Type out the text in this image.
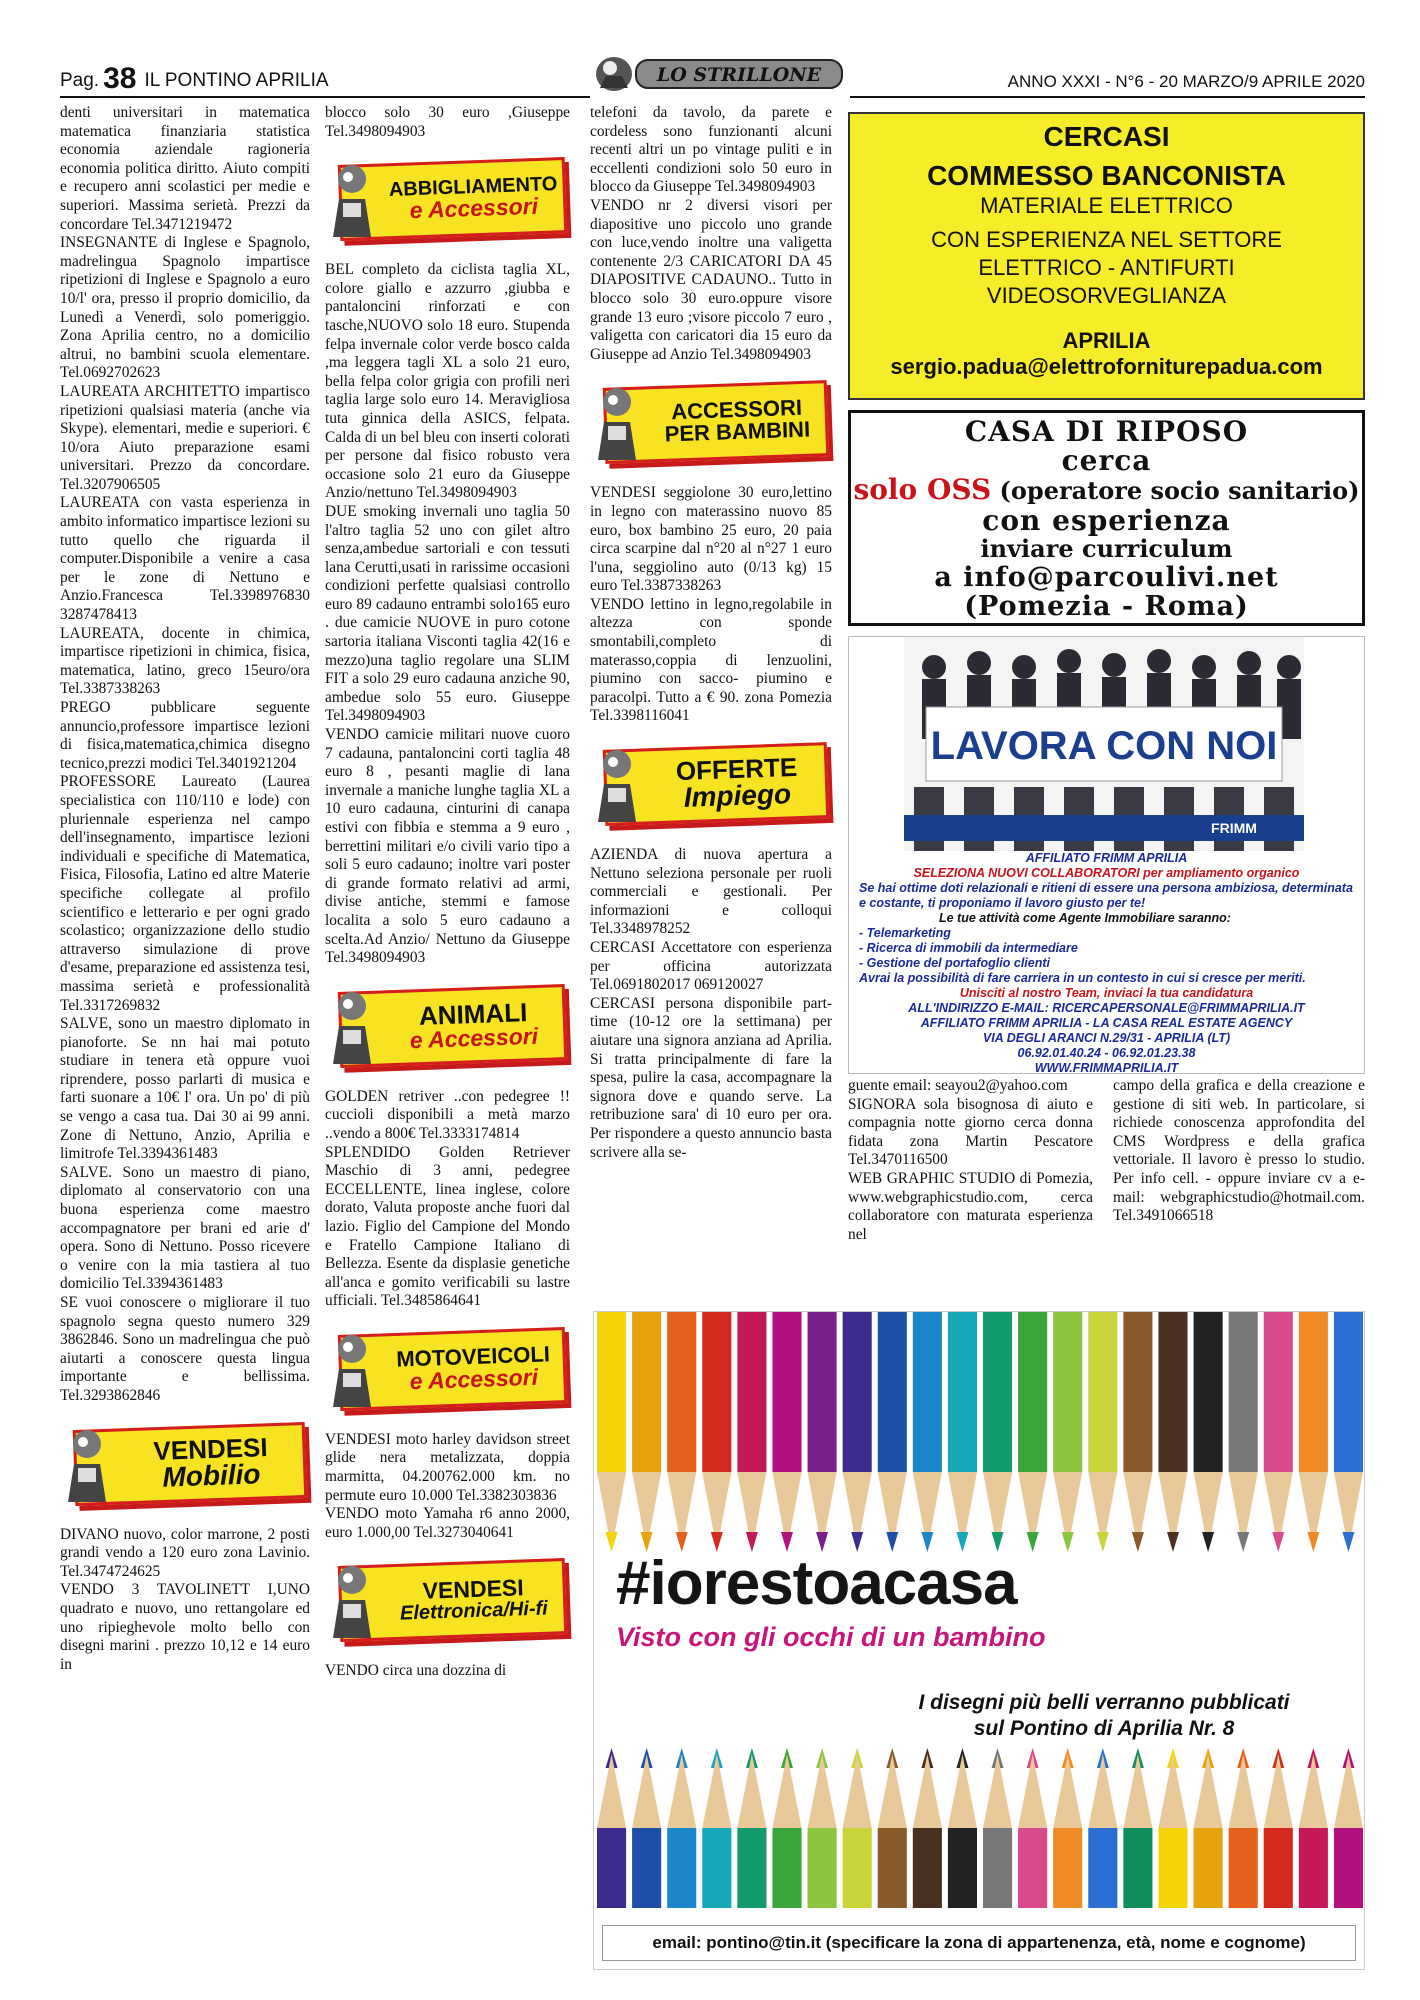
Pag. 38 IL PONTINO APRILIA	LO STRILLONE	ANNO XXXI - N°6 - 20 MARZO/9 APRILE 2020

denti universitari in matematica matematica finanziaria statistica economia aziendale ragioneria economia politica diritto. Aiuto compiti e recupero anni scolastici per medie e superiori. Massima serietà. Prezzi da concordare Tel.3471219472

INSEGNANTE di Inglese e Spagnolo, madrelingua Spagnolo impartisce ripetizioni di Inglese e Spagnolo a euro 10/l' ora, presso il proprio domicilio, da Lunedì a Venerdì, solo pomeriggio. Zona Aprilia centro, no a domicilio altrui, no bambini scuola elementare. Tel.0692702623

LAUREATA ARCHITETTO impartisco ripetizioni qualsiasi materia (anche via Skype). elementari, medie e superiori. € 10/ora Aiuto preparazione esami universitari. Prezzo da concordare. Tel.3207906505

LAUREATA con vasta esperienza in ambito informatico impartisce lezioni su tutto quello che riguarda il computer.Disponibile a venire a casa per le zone di Nettuno e Anzio.Francesca Tel.3398976830 3287478413

LAUREATA, docente in chimica, impartisce ripetizioni in chimica, fisica, matematica, latino, greco 15euro/ora Tel.3387338263

PREGO pubblicare seguente annuncio,professore impartisce lezioni di fisica,matematica,chimica disegno tecnico,prezzi modici Tel.3401921204

PROFESSORE Laureato (Laurea specialistica con 110/110 e lode) con pluriennale esperienza nel campo dell'insegnamento, impartisce lezioni individuali e specifiche di Matematica, Fisica, Filosofia, Latino ed altre Materie specifiche collegate al profilo scientifico e letterario e per ogni grado scolastico; organizzazione dello studio attraverso simulazione di prove d'esame, preparazione ed assistenza tesi, massima serietà e professionalità Tel.3317269832

SALVE, sono un maestro diplomato in pianoforte. Se nn hai mai potuto studiare in tenera età oppure vuoi riprendere, posso parlarti di musica e farti suonare a 10€ l' ora. Un po' di più se vengo a casa tua. Dai 30 ai 99 anni. Zone di Nettuno, Anzio, Aprilia e limitrofe Tel.3394361483

SALVE. Sono un maestro di piano, diplomato al conservatorio con una buona esperienza come maestro accompagnatore per brani ed arie d' opera. Sono di Nettuno. Posso ricevere o venire con la mia tastiera al tuo domicilio Tel.3394361483

SE vuoi conoscere o migliorare il tuo spagnolo segna questo numero 329 3862846. Sono un madrelingua che può aiutarti a conoscere questa lingua importante e bellissima. Tel.3293862846

VENDESI
Mobilio

DIVANO nuovo, color marrone, 2 posti grandi vendo a 120 euro zona Lavinio. Tel.3474724625

VENDO 3 TAVOLINETT I,UNO quadrato e nuovo, uno rettangolare ed uno ripieghevole molto bello con disegni marini . prezzo 10,12 e 14 euro in

blocco solo 30 euro ,Giuseppe Tel.3498094903

ABBIGLIAMENTO
e Accessori

BEL completo da ciclista taglia XL, colore giallo e azzurro ,giubba e pantaloncini rinforzati e con tasche,NUOVO solo 18 euro. Stupenda felpa invernale color verde bosco calda ,ma leggera tagli XL a solo 21 euro, bella felpa color grigia con profili neri taglia large solo euro 14. Meravigliosa tuta ginnica della ASICS, felpata. Calda di un bel bleu con inserti colorati per persone dal fisico robusto vera occasione solo 21 euro da Giuseppe Anzio/nettuno Tel.3498094903

DUE smoking invernali uno taglia 50 l'altro taglia 52 uno con gilet altro senza,ambedue sartoriali e con tessuti lana Cerutti,usati in rarissime occasioni condizioni perfette qualsiasi controllo euro 89 cadauno entrambi solo165 euro . due camicie NUOVE in puro cotone sartoria italiana Visconti taglia 42(16 e mezzo)una taglio regolare una SLIM FIT a solo 29 euro cadauna anziche 90, ambedue solo 55 euro. Giuseppe Tel.3498094903

VENDO camicie militari nuove cuoro 7 cadauna, pantaloncini corti taglia 48 euro 8 , pesanti maglie di lana invernale a maniche lunghe taglia XL a 10 euro cadauna, cinturini di canapa estivi con fibbia e stemma a 9 euro , berrettini militari e/o civili vario tipo a soli 5 euro cadauno; inoltre vari poster di grande formato relativi ad armi, divise antiche, stemmi e famose localita a solo 5 euro cadauno a scelta.Ad Anzio/ Nettuno da Giuseppe Tel.3498094903

ANIMALI
e Accessori

GOLDEN retriver ..con pedegree !! cuccioli disponibili a metà marzo ..vendo a 800€ Tel.3333174814

SPLENDIDO Golden Retriever Maschio di 3 anni, pedegree ECCELLENTE, linea inglese, colore dorato, Valuta proposte anche fuori dal lazio. Figlio del Campione del Mondo e Fratello Campione Italiano di Bellezza. Esente da displasie genetiche all'anca e gomito verificabili su lastre ufficiali. Tel.3485864641

MOTOVEICOLI
e Accessori

VENDESI moto harley davidson street glide nera metalizzata, doppia marmitta, 04.200762.000 km. no permute euro 10.000 Tel.3382303836

VENDO moto Yamaha r6 anno 2000, euro 1.000,00 Tel.3273040641

VENDESI
Elettronica/Hi-fi

VENDO circa una dozzina di

telefoni da tavolo, da parete e cordeless sono funzionanti alcuni recenti altri un po vintage puliti e in eccellenti condizioni solo 50 euro in blocco da Giuseppe Tel.3498094903

VENDO nr 2 diversi visori per diapositive uno piccolo uno grande con luce,vendo inoltre una valigetta contenente 2/3 CARICATORI DA 45 DIAPOSITIVE CADAUNO.. Tutto in blocco solo 30 euro.oppure visore grande 13 euro ;visore piccolo 7 euro , valigetta con caricatori dia 15 euro da Giuseppe ad Anzio Tel.3498094903

ACCESSORI
PER BAMBINI

VENDESI seggiolone 30 euro,lettino in legno con materassino nuovo 85 euro, box bambino 25 euro, 20 paia circa scarpine dal n°20 al n°27 1 euro l'una, seggiolino auto (0/13 kg) 15 euro Tel.3387338263

VENDO lettino in legno,regolabile in altezza con sponde smontabili,completo di materasso,coppia di lenzuolini, piumino con sacco- piumino e paracolpi. Tutto a € 90. zona Pomezia Tel.3398116041

OFFERTE
Impiego

AZIENDA di nuova apertura a Nettuno seleziona personale per ruoli commerciali e gestionali. Per informazioni e colloqui Tel.3348978252

CERCASI Accettatore con esperienza per officina autorizzata Tel.0691802017 069120027

CERCASI persona disponibile part-time (10-12 ore la settimana) per aiutare una signora anziana ad Aprilia. Si tratta principalmente di fare la spesa, pulire la casa, accompagnare la signora dove e quando serve. La retribuzione sara' di 10 euro per ora. Per rispondere a questo annuncio basta scrivere alla se-

CERCASI
COMMESSO BANCONISTA
MATERIALE ELETTRICO
CON ESPERIENZA NEL SETTORE
ELETTRICO - ANTIFURTI
VIDEOSORVEGLIANZA
APRILIA
sergio.padua@elettroforniturepadua.com
CASA DI RIPOSO
cerca
solo OSS (operatore socio sanitario)
con esperienza
inviare curriculum
a info@parcoulivi.net
(Pomezia - Roma)
LAVORA CON NOI
FRIMM
AFFILIATO FRIMM APRILIA
SELEZIONA NUOVI COLLABORATORI per ampliamento organico
Se hai ottime doti relazionali e ritieni di essere una persona ambiziosa, determinata e costante, ti proponiamo il lavoro giusto per te!
Le tue attività come Agente Immobiliare saranno:
- Telemarketing
- Ricerca di immobili da intermediare
- Gestione del portafoglio clienti
Avrai la possibilità di fare carriera in un contesto in cui si cresce per meriti.
Unisciti al nostro Team, inviaci la tua candidatura
ALL'INDIRIZZO E-MAIL: RICERCAPERSONALE@FRIMMAPRILIA.IT
AFFILIATO FRIMM APRILIA - LA CASA REAL ESTATE AGENCY
VIA DEGLI ARANCI N.29/31 - APRILIA (LT)
06.92.01.40.24 - 06.92.01.23.38
WWW.FRIMMAPRILIA.IT

guente email: seayou2@yahoo.com

SIGNORA sola bisognosa di aiuto e compagnia notte giorno cerca donna fidata zona Martin Pescatore Tel.3470116500

WEB GRAPHIC STUDIO di Pomezia, www.webgraphicstudio.com, cerca collaboratore con maturata esperienza nel

campo della grafica e della creazione e gestione di siti web. In particolare, si richiede conoscenza approfondita del CMS Wordpress e della grafica vettoriale. Il lavoro è presso lo studio. Per info cell. - oppure inviare cv a e-mail: webgraphicstudio@hotmail.com. Tel.3491066518

#iorestoacasa
Visto con gli occhi di un bambino
I disegni più belli verranno pubblicati
sul Pontino di Aprilia Nr. 8
email: pontino@tin.it (specificare la zona di appartenenza, età, nome e cognome)
